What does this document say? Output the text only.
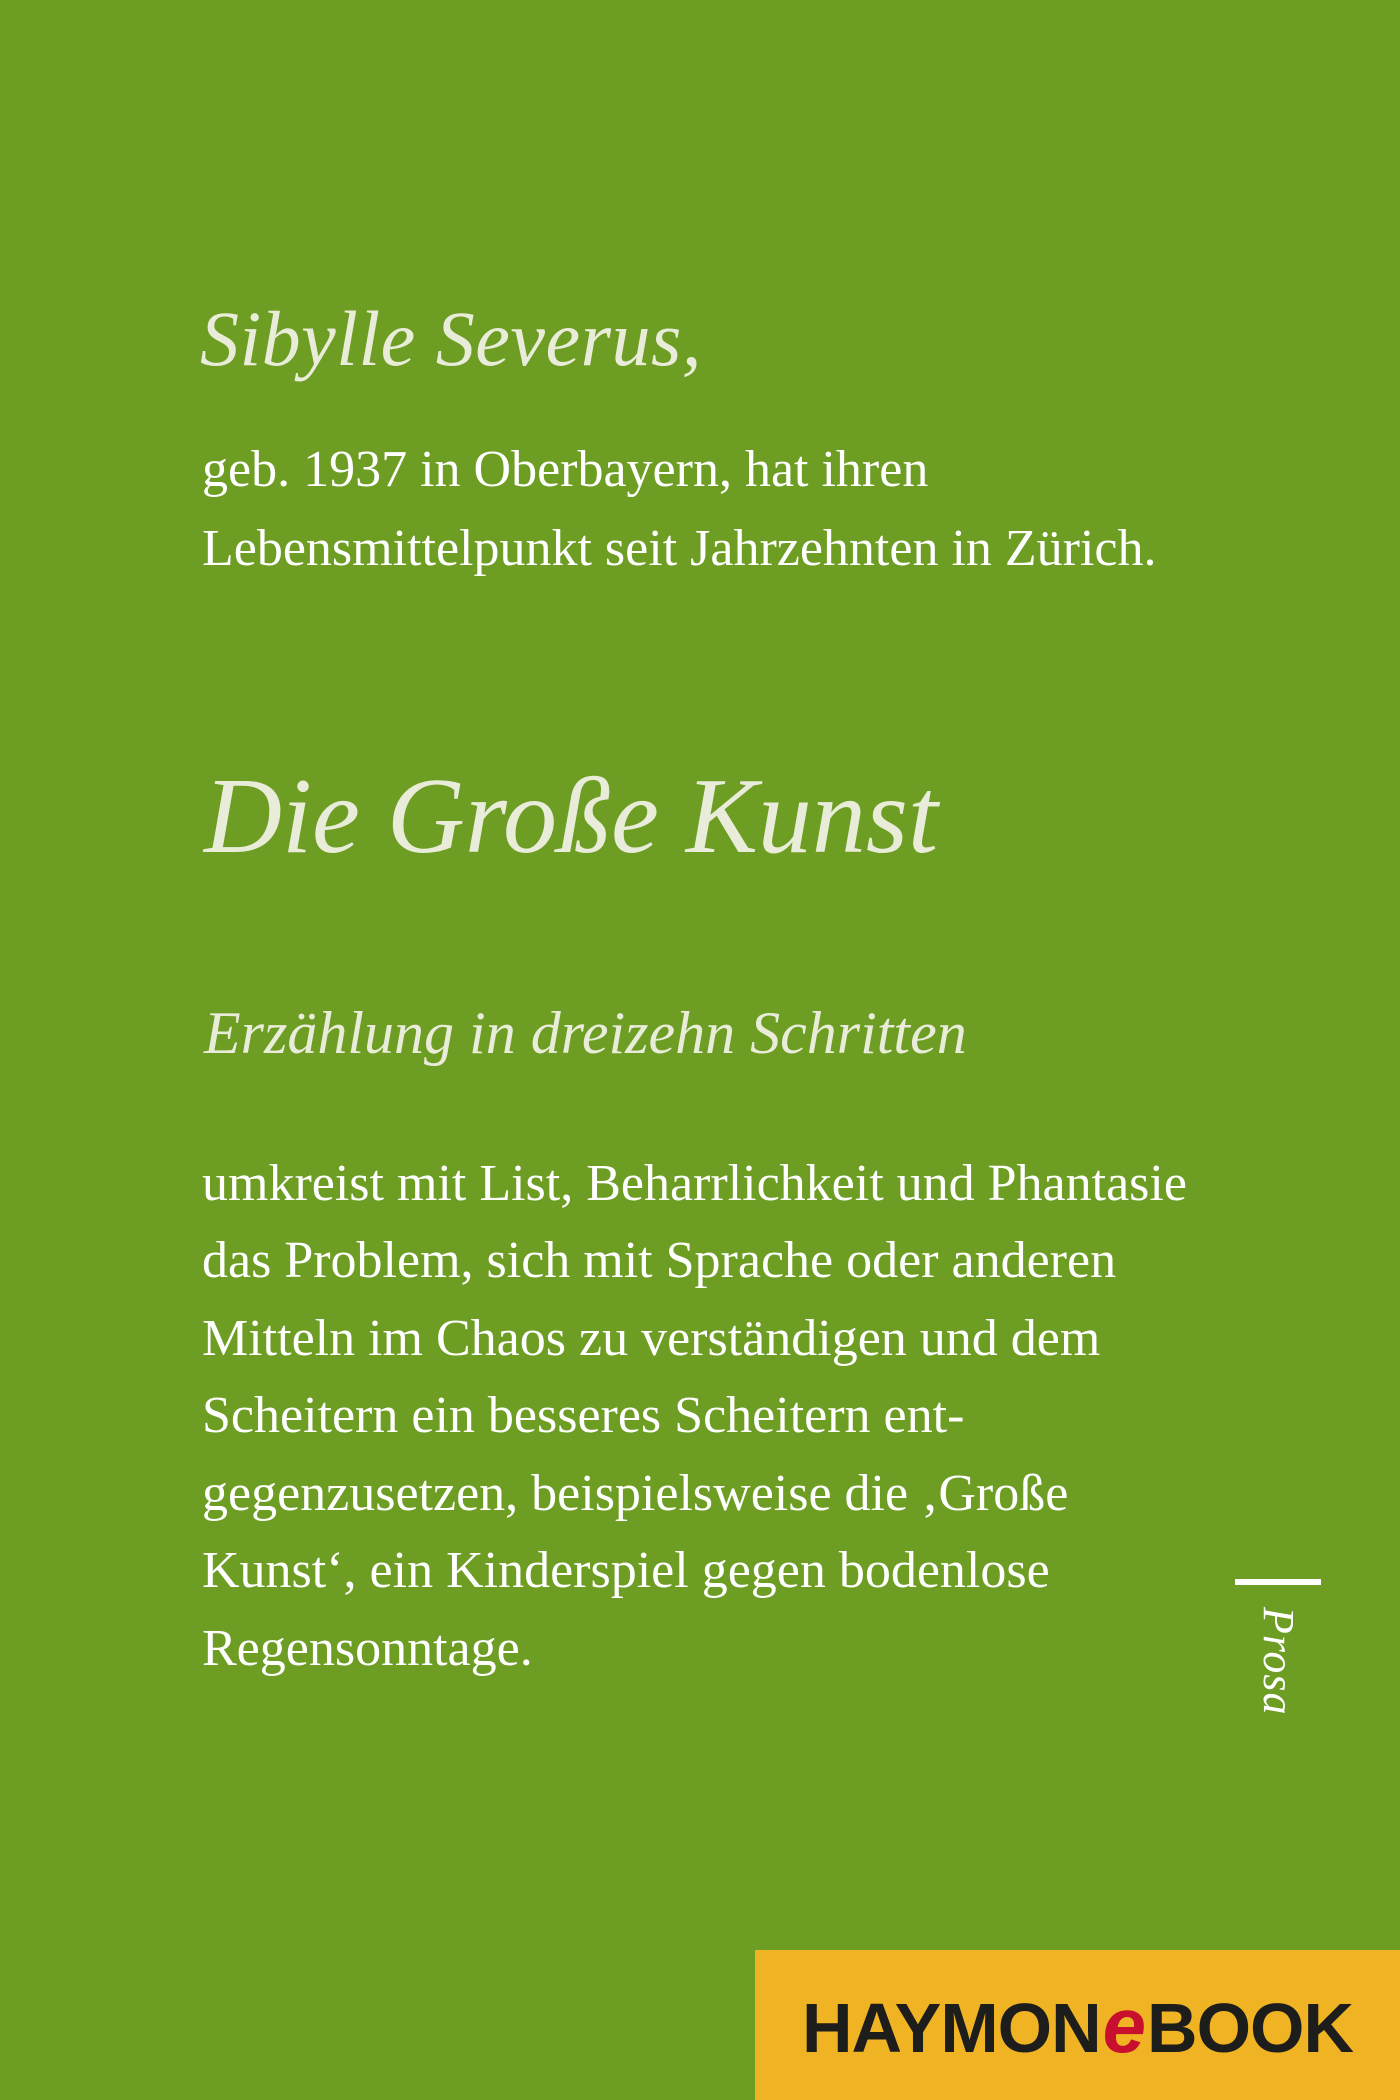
Sibylle Severus,
geb. 1937 in Oberbayern, hat ihren Lebensmittelpunkt seit Jahrzehnten in Zürich.
Die Große Kunst
Erzählung in dreizehn Schritten
umkreist mit List, Beharrlichkeit und Phantasie das Problem, sich mit Sprache oder anderen Mitteln im Chaos zu verständigen und dem Scheitern ein besseres Scheitern ent-gegenzusetzen, beispielsweise die ‚Große Kunst‘, ein Kinderspiel gegen bodenlose Regensonntage.	Prosa
HAYMON e BOOK
